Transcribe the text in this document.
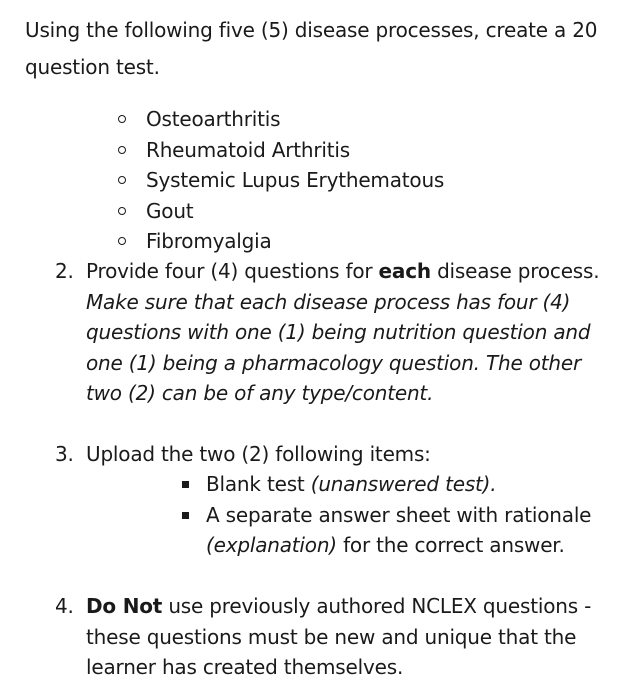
Using the following five (5) disease processes, create a 20 question test.

Osteoarthritis
Rheumatoid Arthritis
Systemic Lupus Erythematous
Gout
Fibromyalgia
2. Provide four (4) questions for each disease process. Make sure that each disease process has four (4) questions with one (1) being nutrition question and one (1) being a pharmacology question. The other two (2) can be of any type/content.
3. Upload the two (2) following items:
Blank test (unanswered test).
A separate answer sheet with rationale (explanation) for the correct answer.
4. Do Not use previously authored NCLEX questions - these questions must be new and unique that the learner has created themselves.
